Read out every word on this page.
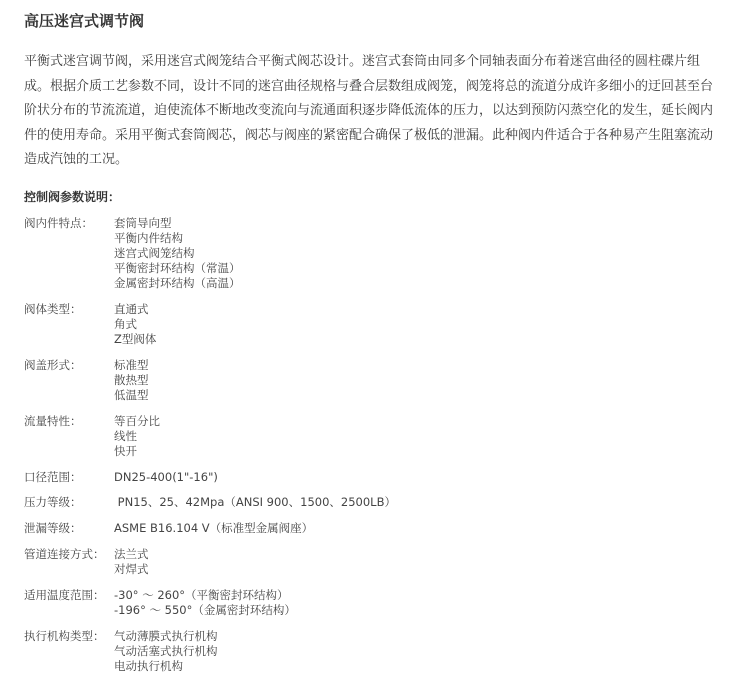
高压迷宫式调节阀
平衡式迷宫调节阀，采用迷宫式阀笼结合平衡式阀芯设计。迷宫式套筒由同多个同轴表面分布着迷宫曲径的圆柱碟片组
成。根据介质工艺参数不同，设计不同的迷宫曲径规格与叠合层数组成阀笼，阀笼将总的流道分成许多细小的迂回甚至台
阶状分布的节流流道，迫使流体不断地改变流向与流通面积逐步降低流体的压力，以达到预防闪蒸空化的发生，延长阀内
件的使用寿命。采用平衡式套筒阀芯，阀芯与阀座的紧密配合确保了极低的泄漏。此种阀内件适合于各种易产生阻塞流动
造成汽蚀的工况。
控制阀参数说明：
阀内件特点：	套筒导向型
平衡内件结构
迷宫式阀笼结构
平衡密封环结构（常温）
金属密封环结构（高温）
阀体类型：	直通式
角式
Z型阀体
阀盖形式：	标准型
散热型
低温型
流量特性：	等百分比
线性
快开
口径范围：	DN25-400(1"-16")
压力等级：	PN15、25、42Mpa（ANSI 900、1500、2500LB）
泄漏等级：	ASME B16.104 Ⅴ（标准型金属阀座）
管道连接方式： 法兰式
对焊式
适用温度范围： -30° ～ 260°（平衡密封环结构）
-196° ～ 550°（金属密封环结构）
执行机构类型： 气动薄膜式执行机构
气动活塞式执行机构
电动执行机构
